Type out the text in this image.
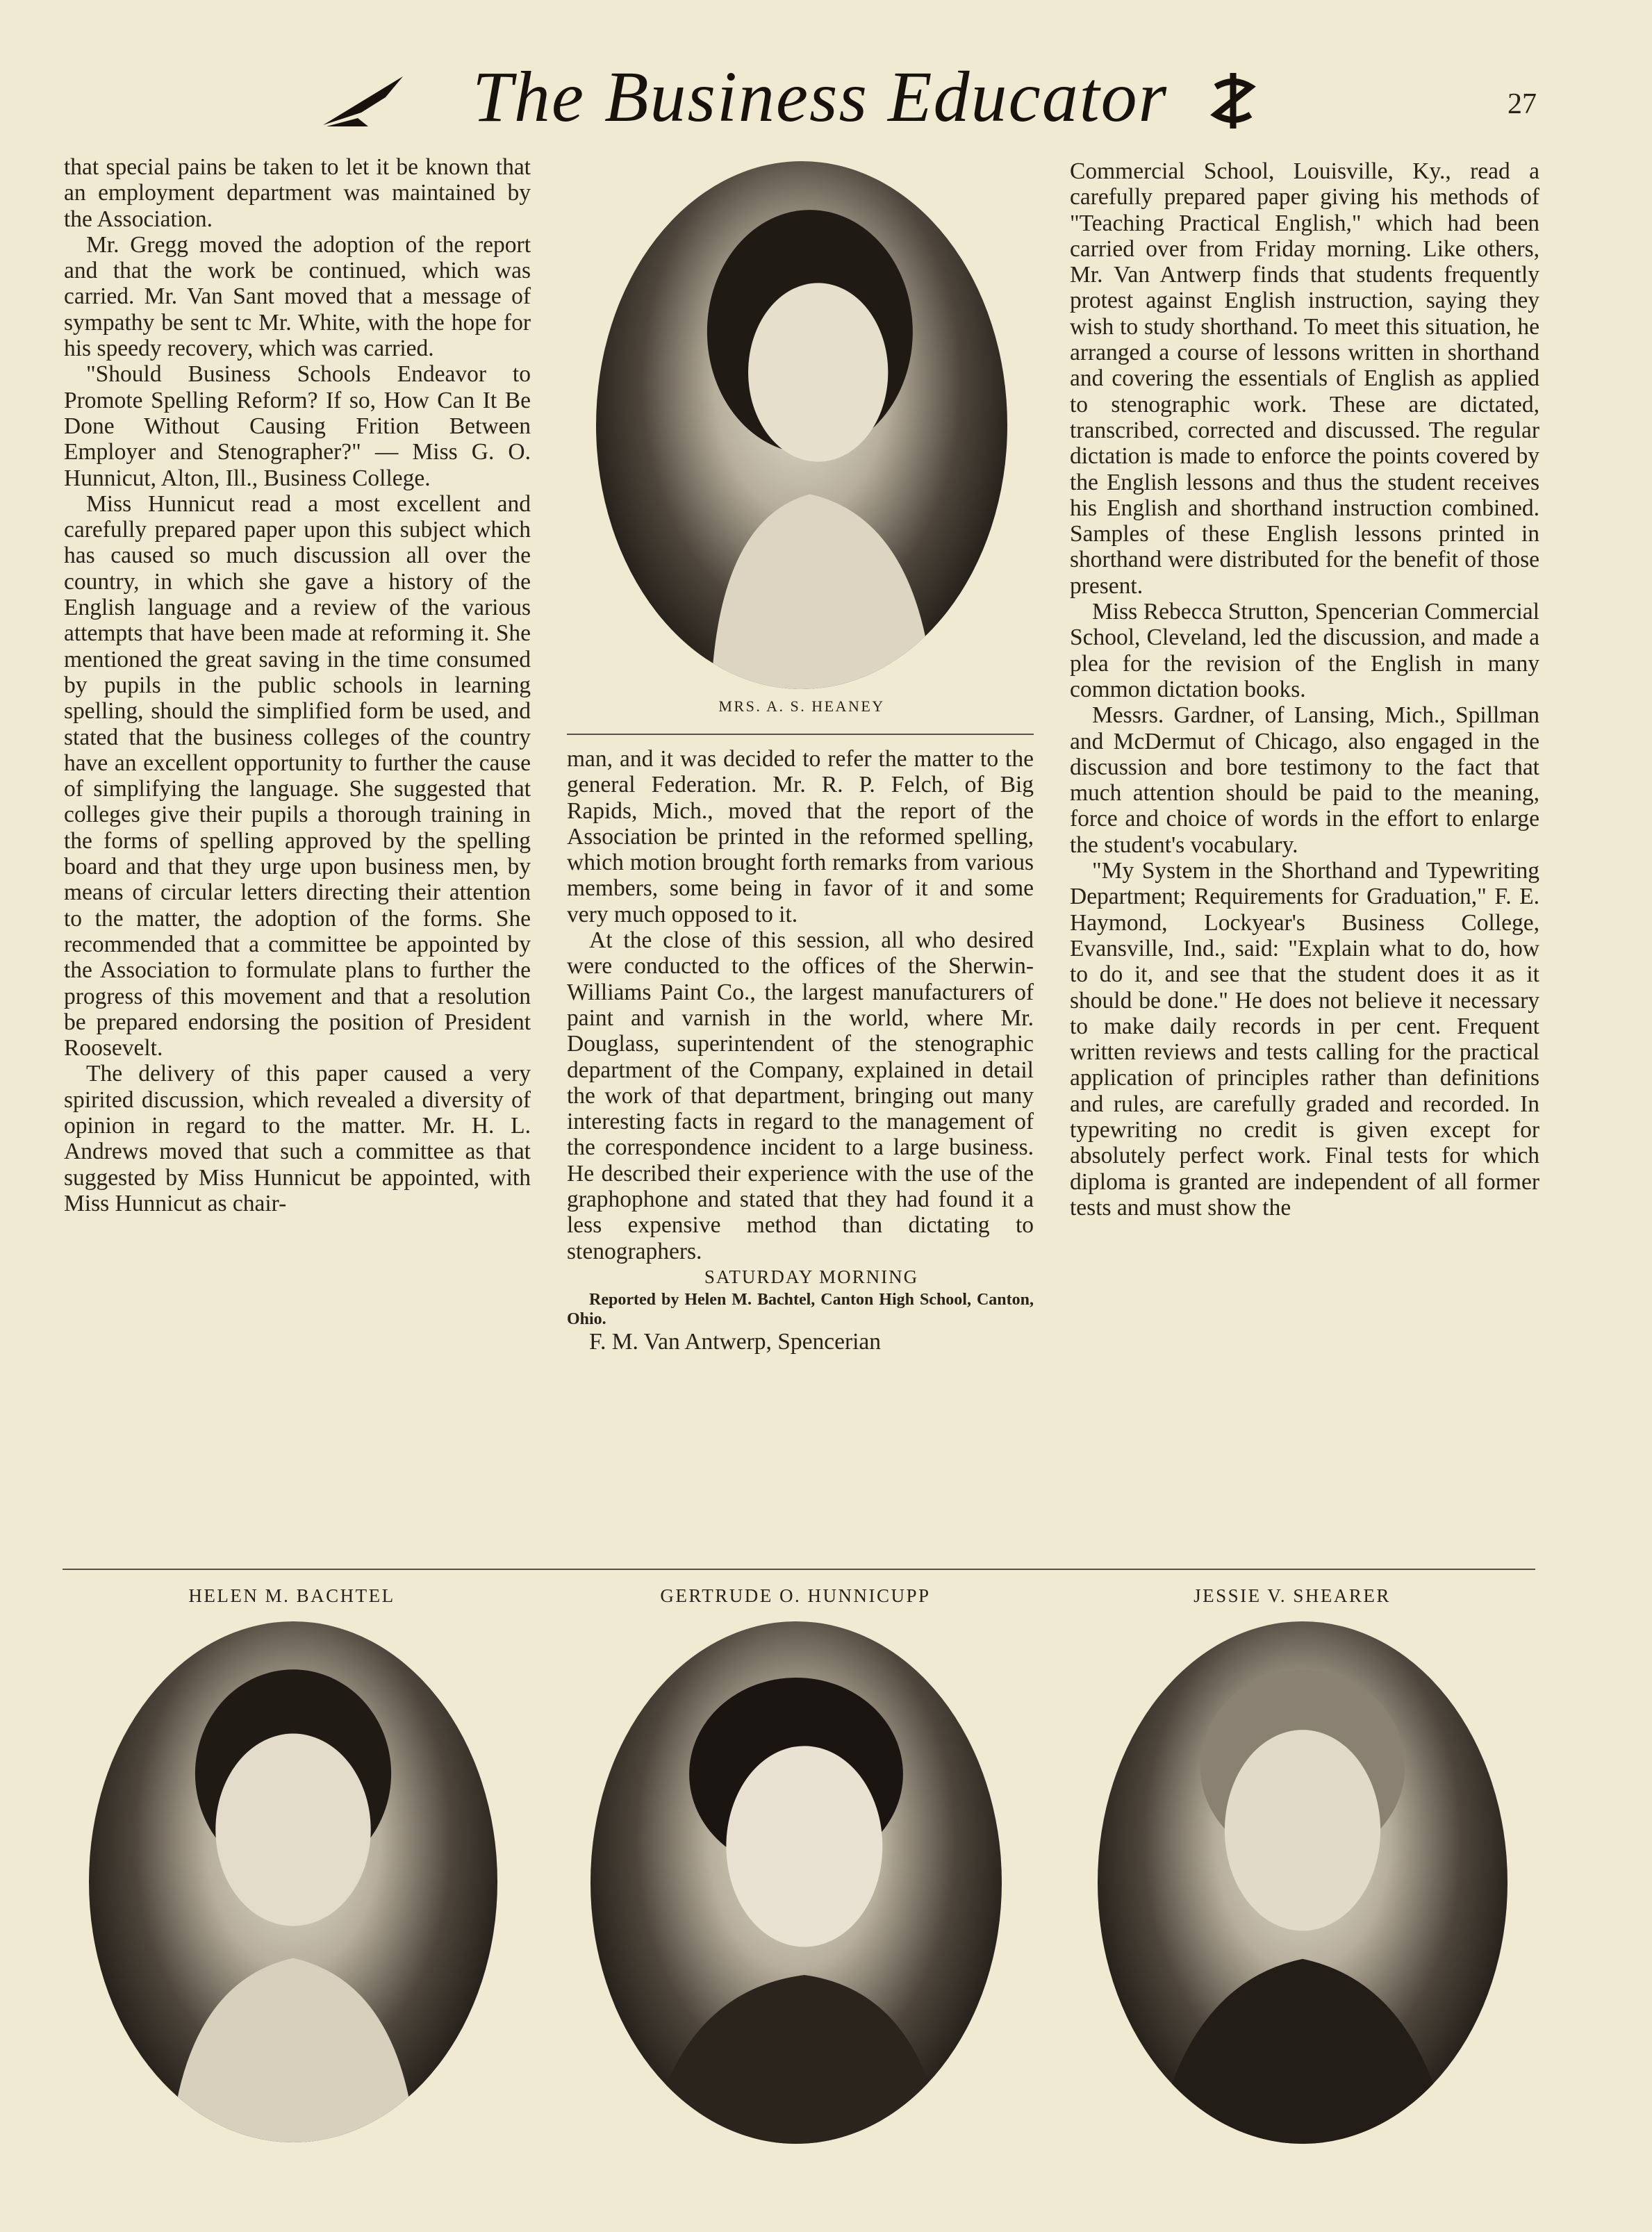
The Business Educator	27

that special pains be taken to let it be known that an employment department was maintained by the Association.

Mr. Gregg moved the adoption of the report and that the work be continued, which was carried. Mr. Van Sant moved that a message of sympathy be sent tc Mr. White, with the hope for his speedy recovery, which was carried.

"Should Business Schools Endeavor to Promote Spelling Reform? If so, How Can It Be Done Without Causing Frition Between Employer and Stenographer?" — Miss G. O. Hunnicut, Alton, Ill., Business College.

Miss Hunnicut read a most excellent and carefully prepared paper upon this subject which has caused so much discussion all over the country, in which she gave a history of the English language and a review of the various attempts that have been made at reforming it. She mentioned the great saving in the time consumed by pupils in the public schools in learning spelling, should the simplified form be used, and stated that the business colleges of the country have an excellent opportunity to further the cause of simplifying the language. She suggested that colleges give their pupils a thorough training in the forms of spelling approved by the spelling board and that they urge upon business men, by means of circular letters directing their attention to the matter, the adoption of the forms. She recommended that a committee be appointed by the Association to formulate plans to further the progress of this movement and that a resolution be prepared endorsing the position of President Roosevelt.

The delivery of this paper caused a very spirited discussion, which revealed a diversity of opinion in regard to the matter. Mr. H. L. Andrews moved that such a committee as that suggested by Miss Hunnicut be appointed, with Miss Hunnicut as chair-

MRS. A. S. HEANEY

man, and it was decided to refer the matter to the general Federation. Mr. R. P. Felch, of Big Rapids, Mich., moved that the report of the Association be printed in the reformed spelling, which motion brought forth remarks from various members, some being in favor of it and some very much opposed to it.

At the close of this session, all who desired were conducted to the offices of the Sherwin-Williams Paint Co., the largest manufacturers of paint and varnish in the world, where Mr. Douglass, superintendent of the stenographic department of the Company, explained in detail the work of that department, bringing out many interesting facts in regard to the management of the correspondence incident to a large business. He described their experience with the use of the graphophone and stated that they had found it a less expensive method than dictating to stenographers.

SATURDAY MORNING

Reported by Helen M. Bachtel, Canton High School, Canton, Ohio.

F. M. Van Antwerp, Spencerian

Commercial School, Louisville, Ky., read a carefully prepared paper giving his methods of "Teaching Practical English," which had been carried over from Friday morning. Like others, Mr. Van Antwerp finds that students frequently protest against English instruction, saying they wish to study shorthand. To meet this situation, he arranged a course of lessons written in shorthand and covering the essentials of English as applied to stenographic work. These are dictated, transcribed, corrected and discussed. The regular dictation is made to enforce the points covered by the English lessons and thus the student receives his English and shorthand instruction combined. Samples of these English lessons printed in shorthand were distributed for the benefit of those present.

Miss Rebecca Strutton, Spencerian Commercial School, Cleveland, led the discussion, and made a plea for the revision of the English in many common dictation books.

Messrs. Gardner, of Lansing, Mich., Spillman and McDermut of Chicago, also engaged in the discussion and bore testimony to the fact that much attention should be paid to the meaning, force and choice of words in the effort to enlarge the student's vocabulary.

"My System in the Shorthand and Typewriting Department; Requirements for Graduation," F. E. Haymond, Lockyear's Business College, Evansville, Ind., said: "Explain what to do, how to do it, and see that the student does it as it should be done." He does not believe it necessary to make daily records in per cent. Frequent written reviews and tests calling for the practical application of principles rather than definitions and rules, are carefully graded and recorded. In typewriting no credit is given except for absolutely perfect work. Final tests for which diploma is granted are independent of all former tests and must show the

HELEN M. BACHTEL	GERTRUDE O. HUNNICUPP	JESSIE V. SHEARER
